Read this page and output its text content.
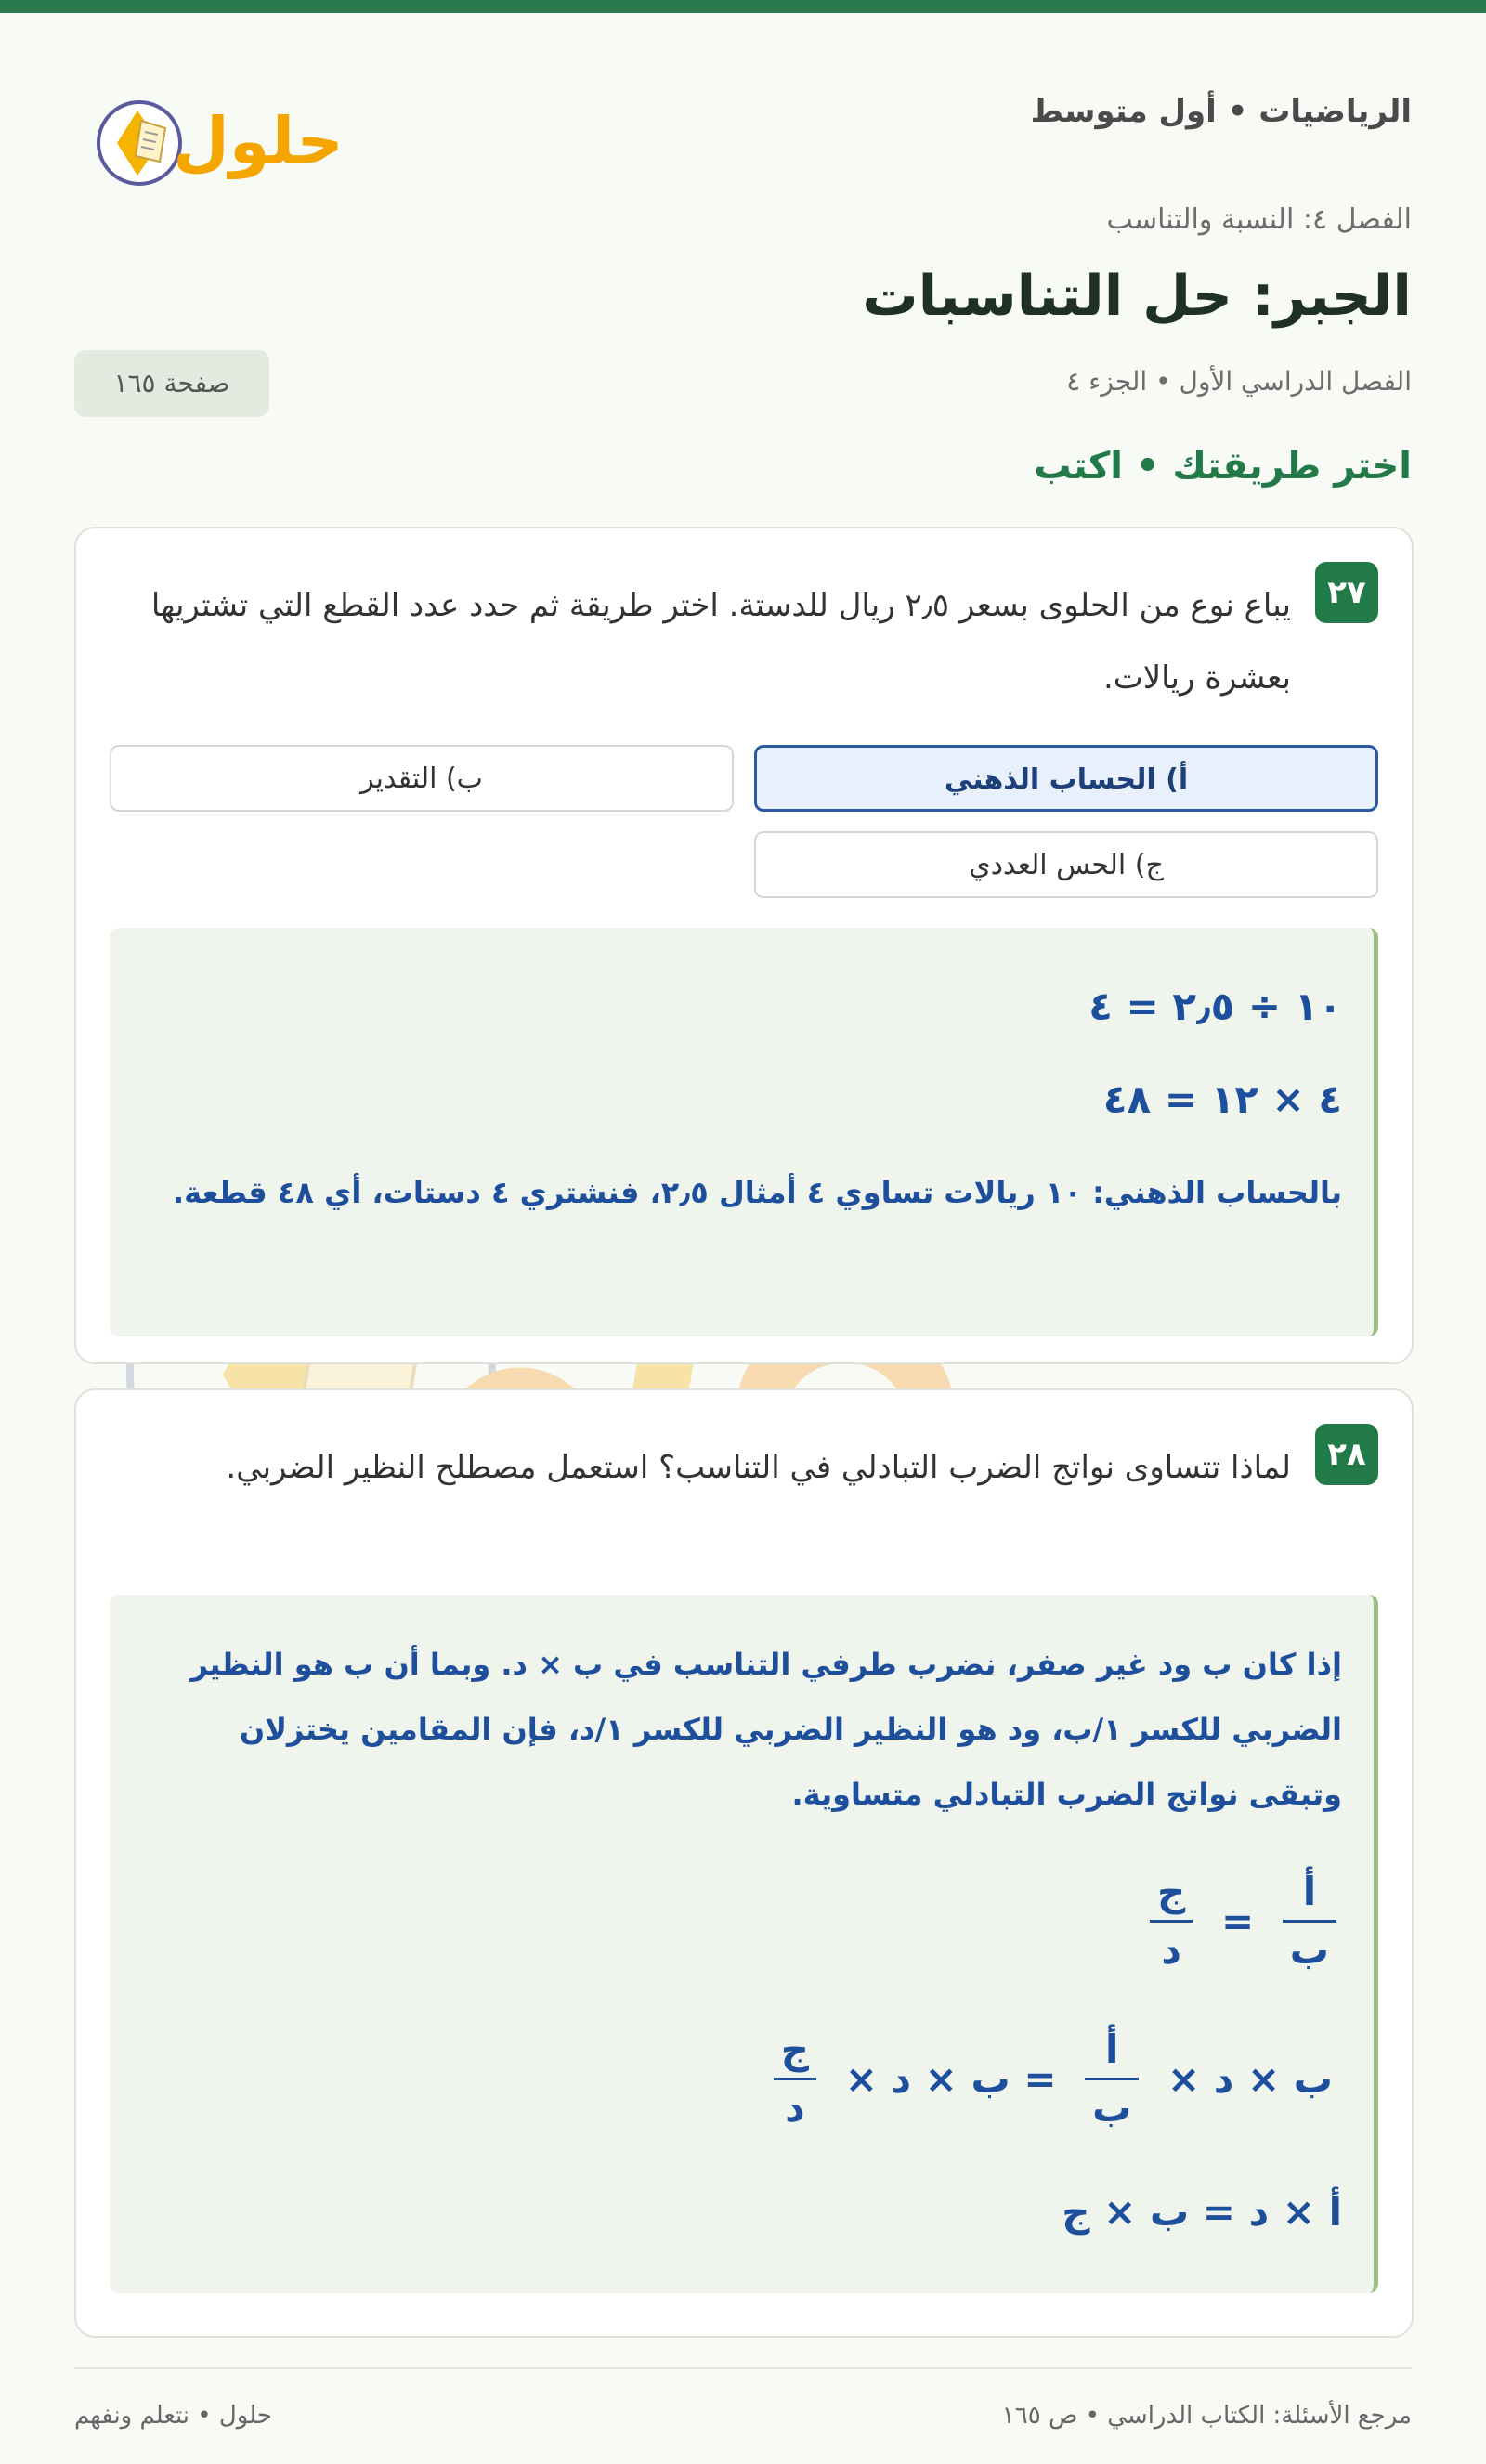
الرياضيات • أول متوسط
حلول
الفصل ٤: النسبة والتناسب
الجبر: حل التناسبات
الفصل الدراسي الأول • الجزء ٤
صفحة ١٦٥
اختر طريقتك • اكتب
٢٧
يباع نوع من الحلوى بسعر ٢٫٥ ريال للدستة. اختر طريقة ثم حدد عدد القطع التي تشتريها بعشرة ريالات.
أ) الحساب الذهني
ب) التقدير
ج) الحس العددي
١٠ ÷ ٢٫٥ = ٤
٤ × ١٢ = ٤٨
بالحساب الذهني: ١٠ ريالات تساوي ٤ أمثال ٢٫٥، فنشتري ٤ دستات، أي ٤٨ قطعة.
٢٨
لماذا تتساوى نواتج الضرب التبادلي في التناسب؟ استعمل مصطلح النظير الضربي.
إذا كان ب ود غير صفر، نضرب طرفي التناسب في ب × د. وبما أن ب هو النظير الضربي للكسر ١/ب، ود هو النظير الضربي للكسر ١/د، فإن المقامين يختزلان وتبقى نواتج الضرب التبادلي متساوية.
$\frac{\text{أ}}{\text{ب}}$
=
$\frac{\text{ج}}{\text{د}}$
ب × د ×
$\frac{\text{أ}}{\text{ب}}$
= ب × د ×
$\frac{\text{ج}}{\text{د}}$
أ × د = ب × ج
مرجع الأسئلة: الكتاب الدراسي • ص ١٦٥
حلول • نتعلم ونفهم
